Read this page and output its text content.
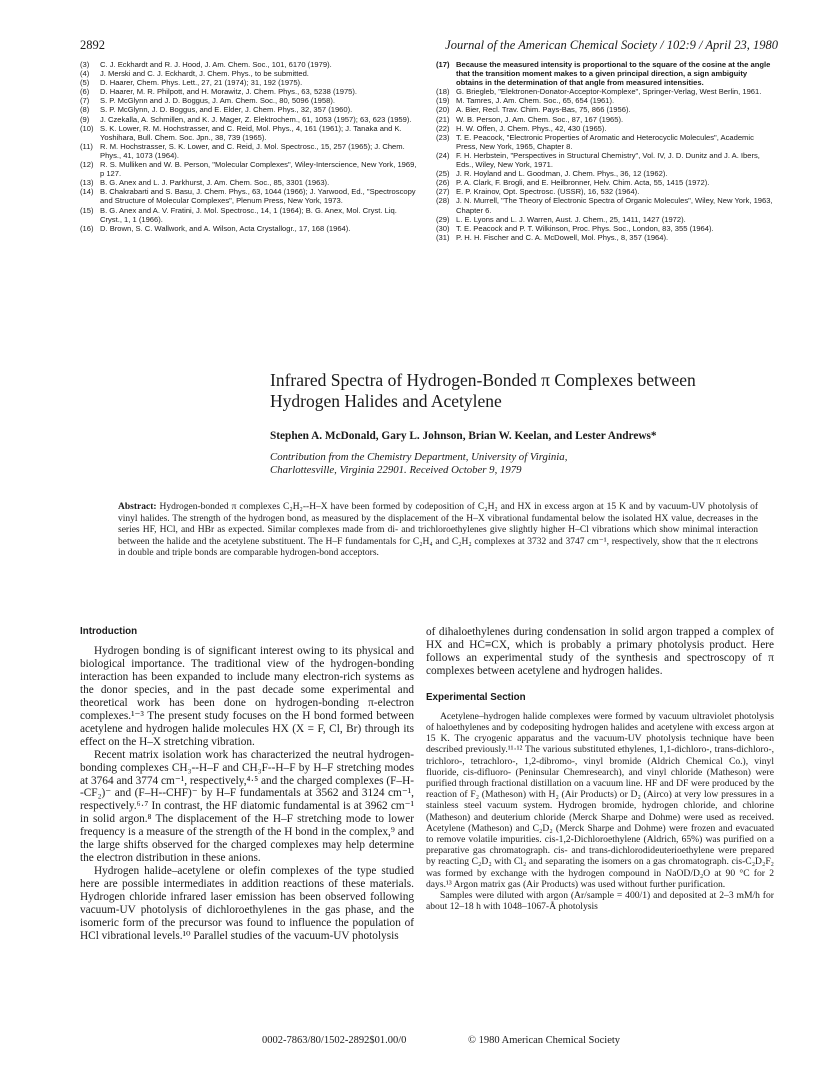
2892	Journal of the American Chemical Society / 102:9 / April 23, 1980
(3)	C. J. Eckhardt and R. J. Hood, J. Am. Chem. Soc., 101, 6170 (1979).
(4)	J. Merski and C. J. Eckhardt, J. Chem. Phys., to be submitted.
(5)	D. Haarer, Chem. Phys. Lett., 27, 21 (1974); 31, 192 (1975).
(6)	D. Haarer, M. R. Philpott, and H. Morawitz, J. Chem. Phys., 63, 5238 (1975).
(7)	S. P. McGlynn and J. D. Boggus, J. Am. Chem. Soc., 80, 5096 (1958).
(8)	S. P. McGlynn, J. D. Boggus, and E. Elder, J. Chem. Phys., 32, 357 (1960).
(9)	J. Czekalla, A. Schmillen, and K. J. Mager, Z. Elektrochem., 61, 1053 (1957); 63, 623 (1959).
(10) S. K. Lower, R. M. Hochstrasser, and C. Reid, Mol. Phys., 4, 161 (1961); J. Tanaka and K. Yoshihara, Bull. Chem. Soc. Jpn., 38, 739 (1965).
(11) R. M. Hochstrasser, S. K. Lower, and C. Reid, J. Mol. Spectrosc., 15, 257 (1965); J. Chem. Phys., 41, 1073 (1964).
(12) R. S. Mulliken and W. B. Person, "Molecular Complexes", Wiley-Interscience, New York, 1969, p 127.
(13) B. G. Anex and L. J. Parkhurst, J. Am. Chem. Soc., 85, 3301 (1963).
(14) B. Chakrabarti and S. Basu, J. Chem. Phys., 63, 1044 (1966); J. Yarwood, Ed., "Spectroscopy and Structure of Molecular Complexes", Plenum Press, New York, 1973.
(15) B. G. Anex and A. V. Fratini, J. Mol. Spectrosc., 14, 1 (1964); B. G. Anex, Mol. Cryst. Liq. Cryst., 1, 1 (1966).
(16) D. Brown, S. C. Wallwork, and A. Wilson, Acta Crystallogr., 17, 168 (1964).
(17) Because the measured intensity is proportional to the square of the cosine at the angle that the transition moment makes to a given principal direction, a sign ambiguity obtains in the determination of that angle from measured intensities.
(18) G. Briegleb, "Elektronen-Donator-Acceptor-Komplexe", Springer-Verlag, West Berlin, 1961.
(19) M. Tamres, J. Am. Chem. Soc., 65, 654 (1961).
(20) A. Bier, Recl. Trav. Chim. Pays-Bas, 75, 866 (1956).
(21) W. B. Person, J. Am. Chem. Soc., 87, 167 (1965).
(22) H. W. Offen, J. Chem. Phys., 42, 430 (1965).
(23) T. E. Peacock, "Electronic Properties of Aromatic and Heterocyclic Molecules", Academic Press, New York, 1965, Chapter 8.
(24) F. H. Herbstein, "Perspectives in Structural Chemistry", Vol. IV, J. D. Dunitz and J. A. Ibers, Eds., Wiley, New York, 1971.
(25) J. R. Hoyland and L. Goodman, J. Chem. Phys., 36, 12 (1962).
(26) P. A. Clark, F. Brogli, and E. Heilbronner, Helv. Chim. Acta, 55, 1415 (1972).
(27) E. P. Krainov, Opt. Spectrosc. (USSR), 16, 532 (1964).
(28) J. N. Murrell, "The Theory of Electronic Spectra of Organic Molecules", Wiley, New York, 1963, Chapter 6.
(29) L. E. Lyons and L. J. Warren, Aust. J. Chem., 25, 1411, 1427 (1972).
(30) T. E. Peacock and P. T. Wilkinson, Proc. Phys. Soc., London, 83, 355 (1964).
(31) P. H. H. Fischer and C. A. McDowell, Mol. Phys., 8, 357 (1964).
Infrared Spectra of Hydrogen-Bonded π Complexes between Hydrogen Halides and Acetylene
Stephen A. McDonald, Gary L. Johnson, Brian W. Keelan, and Lester Andrews*
Contribution from the Chemistry Department, University of Virginia,
Charlottesville, Virginia 22901. Received October 9, 1979
Abstract: Hydrogen-bonded π complexes C₂H₂--H–X have been formed by codeposition of C₂H₂ and HX in excess argon at 15 K and by vacuum-UV photolysis of vinyl halides. The strength of the hydrogen bond, as measured by the displacement of the H–X vibrational fundamental below the isolated HX value, decreases in the series HF, HCl, and HBr as expected. Similar complexes made from di- and trichloroethylenes give slightly higher H–Cl vibrations which show minimal interaction between the halide and the acetylene substituent. The H–F fundamentals for C₂H₄ and C₂H₂ complexes at 3732 and 3747 cm⁻¹, respectively, show that the π electrons in double and triple bonds are comparable hydrogen-bond acceptors.
Introduction

Hydrogen bonding is of significant interest owing to its physical and biological importance. The traditional view of the hydrogen-bonding interaction has been expanded to include many electron-rich systems as the donor species, and in the past decade some experimental and theoretical work has been done on hydrogen-bonding π-electron complexes.¹⁻³ The present study focuses on the H bond formed between acetylene and hydrogen halide molecules HX (X = F, Cl, Br) through its effect on the H–X stretching vibration.

Recent matrix isolation work has characterized the neutral hydrogen-bonding complexes CH₃--H–F and CH₃F--H–F by H–F stretching modes at 3764 and 3774 cm⁻¹, respectively,⁴·⁵ and the charged complexes (F–H--CF₂)⁻ and (F–H--CHF)⁻ by H–F fundamentals at 3562 and 3124 cm⁻¹, respectively.⁶·⁷ In contrast, the HF diatomic fundamental is at 3962 cm⁻¹ in solid argon.⁸ The displacement of the H–F stretching mode to lower frequency is a measure of the strength of the H bond in the complex,⁹ and the large shifts observed for the charged complexes may help determine the electron distribution in these anions.

Hydrogen halide–acetylene or olefin complexes of the type studied here are possible intermediates in addition reactions of these materials. Hydrogen chloride infrared laser emission has been observed following vacuum-UV photolysis of dichloroethylenes in the gas phase, and the isomeric form of the precursor was found to influence the population of HCl vibrational levels.¹⁰ Parallel studies of the vacuum-UV photolysis

of dihaloethylenes during condensation in solid argon trapped a complex of HX and HC≡CX, which is probably a primary photolysis product. Here follows an experimental study of the synthesis and spectroscopy of π complexes between acetylene and hydrogen halides.

Experimental Section

Acetylene–hydrogen halide complexes were formed by vacuum ultraviolet photolysis of haloethylenes and by codepositing hydrogen halides and acetylene with excess argon at 15 K. The cryogenic apparatus and the vacuum-UV photolysis technique have been described previously.¹¹·¹² The various substituted ethylenes, 1,1-dichloro-, trans-dichloro-, trichloro-, tetrachloro-, 1,2-dibromo-, vinyl bromide (Aldrich Chemical Co.), vinyl fluoride, cis-difluoro- (Peninsular Chemresearch), and vinyl chloride (Matheson) were purified through fractional distillation on a vacuum line. HF and DF were produced by the reaction of F₂ (Matheson) with H₂ (Air Products) or D₂ (Airco) at very low pressures in a stainless steel vacuum system. Hydrogen bromide, hydrogen chloride, and chlorine (Matheson) and deuterium chloride (Merck Sharpe and Dohme) were used as received. Acetylene (Matheson) and C₂D₂ (Merck Sharpe and Dohme) were frozen and evacuated to remove volatile impurities. cis-1,2-Dichloroethylene (Aldrich, 65%) was purified on a preparative gas chromatograph. cis- and trans-dichlorodideuterioethylene were prepared by reacting C₂D₂ with Cl₂ and separating the isomers on a gas chromatograph. cis-C₂D₂F₂ was formed by exchange with the hydrogen compound in NaOD/D₂O at 90 °C for 2 days.¹³ Argon matrix gas (Air Products) was used without further purification.

Samples were diluted with argon (Ar/sample = 400/1) and deposited at 2–3 mM/h for about 12–18 h with 1048–1067-Å photolysis

0002-7863/80/1502-2892$01.00/0	© 1980 American Chemical Society
